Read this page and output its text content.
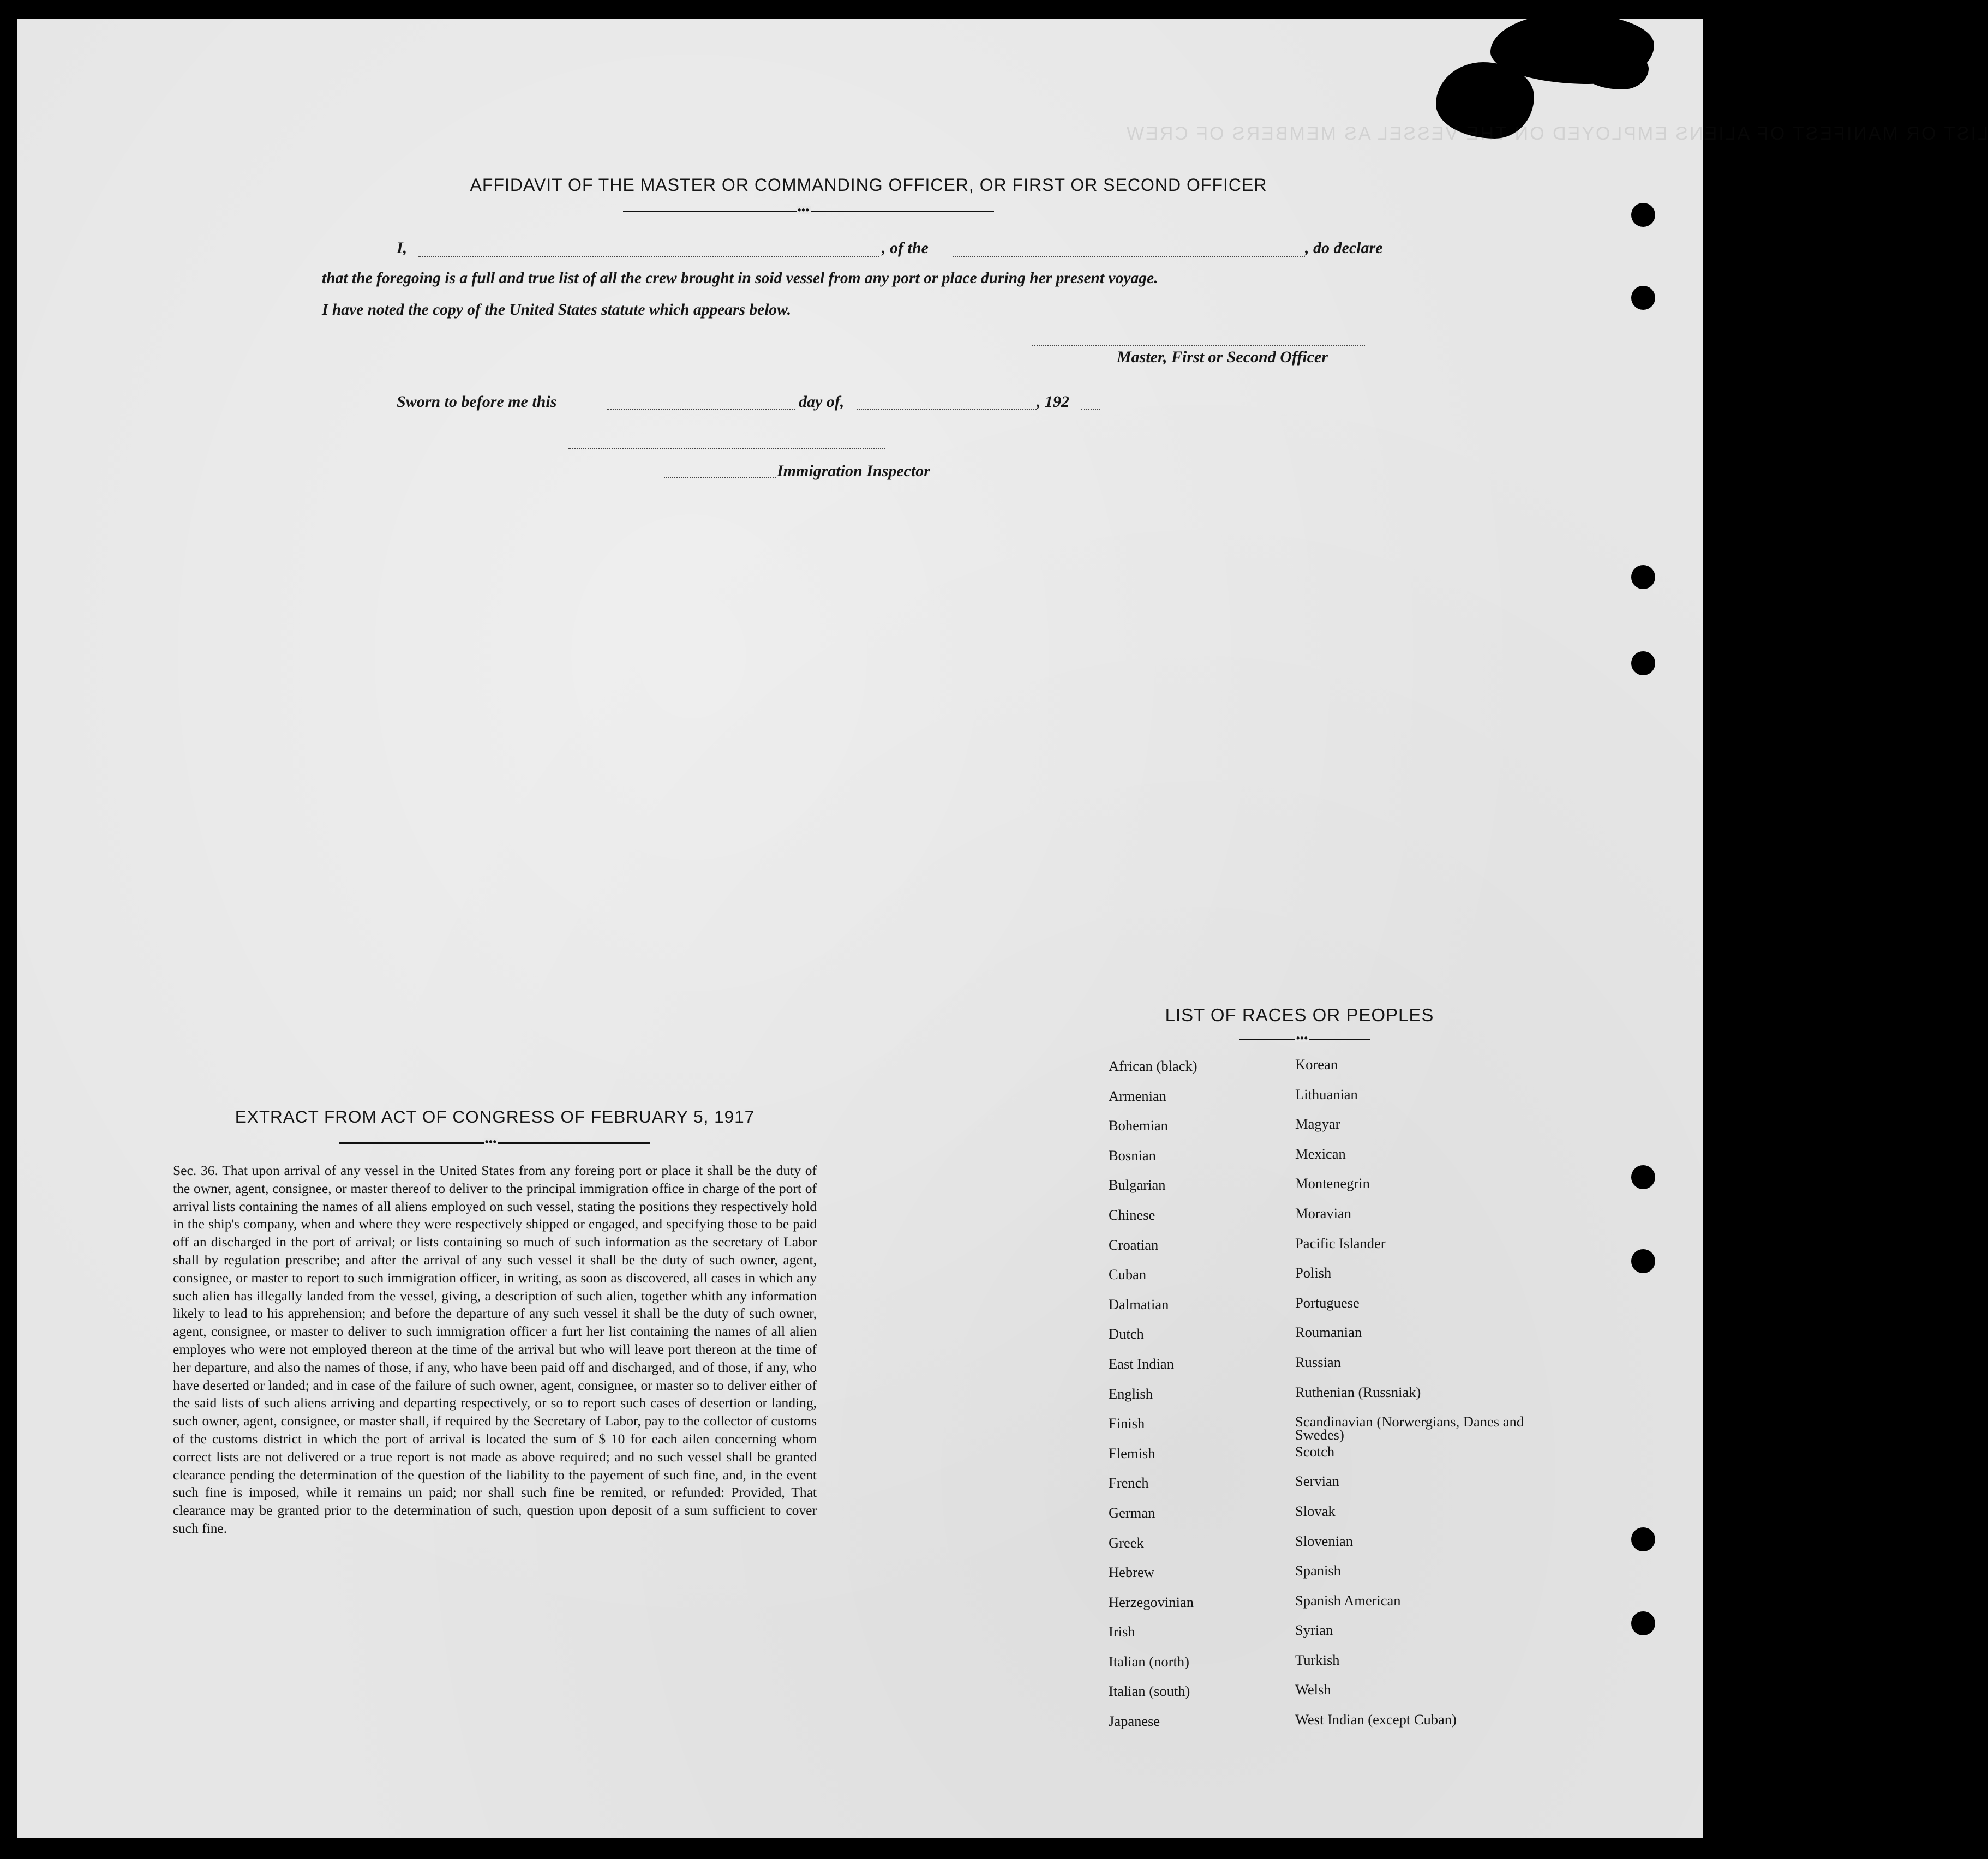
AFFIDAVIT OF THE MASTER OR COMMANDING OFFICER, OR FIRST OR SECOND OFFICER
•••
I,	, of the	, do declare
that the foregoing is a full and true list of all the crew brought in soid vessel from any port or place during her present voyage.
I have noted the copy of the United States statute which appears below.
Master, First or Second Officer
Sworn to before me this	day of,	, 192
Immigration Inspector
LIST OR MANIFEST OF ALIENS EMPLOYED ON THE VESSEL AS MEMBERS OF CREW
EXTRACT FROM ACT OF CONGRESS OF FEBRUARY 5, 1917
•••
Sec. 36. That upon arrival of any vessel in the United States from any foreing port or place it shall be the duty of the owner, agent, consignee, or master thereof to deliver to the principal immigration office in charge of the port of arrival lists containing the names of all aliens employed on such vessel, stating the positions they respectively hold in the ship's company, when and where they were respectively shipped or engaged, and specifying those to be paid off an discharged in the port of arrival; or lists containing so much of such information as the secretary of Labor shall by regulation prescribe; and after the arrival of any such vessel it shall be the duty of such owner, agent, consignee, or master to report to such immigration officer, in writing, as soon as discovered, all cases in which any such alien has illegally landed from the vessel, giving, a description of such alien, together whith any information likely to lead to his apprehension; and before the departure of any such vessel it shall be the duty of such owner, agent, consignee, or master to deliver to such immigration officer a furt her list containing the names of all alien employes who were not employed thereon at the time of the arrival but who will leave port thereon at the time of her departure, and also the names of those, if any, who have been paid off and discharged, and of those, if any, who have deserted or landed; and in case of the failure of such owner, agent, consignee, or master so to deliver either of the said lists of such aliens arriving and departing respectively, or so to report such cases of desertion or landing, such owner, agent, consignee, or master shall, if required by the Secretary of Labor, pay to the collector of customs of the customs district in which the port of arrival is located the sum of $ 10 for each ailen concerning whom correct lists are not delivered or a true report is not made as above required; and no such vessel shall be granted clearance pending the determination of the question of the liability to the payement of such fine, and, in the event such fine is imposed, while it remains un paid; nor shall such fine be remited, or refunded: Provided, That clearance may be granted prior to the determination of such, question upon deposit of a sum sufficient to cover such fine.
LIST OF RACES OR PEOPLES
•••
African (black)	Korean
Armenian	Lithuanian
Bohemian	Magyar
Bosnian	Mexican
Bulgarian	Montenegrin
Chinese	Moravian
Croatian	Pacific Islander
Cuban	Polish
Dalmatian	Portuguese
Dutch	Roumanian
East Indian	Russian
English	Ruthenian (Russniak)
Finish	Scandinavian (Norwergians, Danes and Swedes)
Flemish	Scotch
French	Servian
German	Slovak
Greek	Slovenian
Hebrew	Spanish
Herzegovinian	Spanish American
Irish	Syrian
Italian (north)	Turkish
Italian (south)	Welsh
Japanese	West Indian (except Cuban)
